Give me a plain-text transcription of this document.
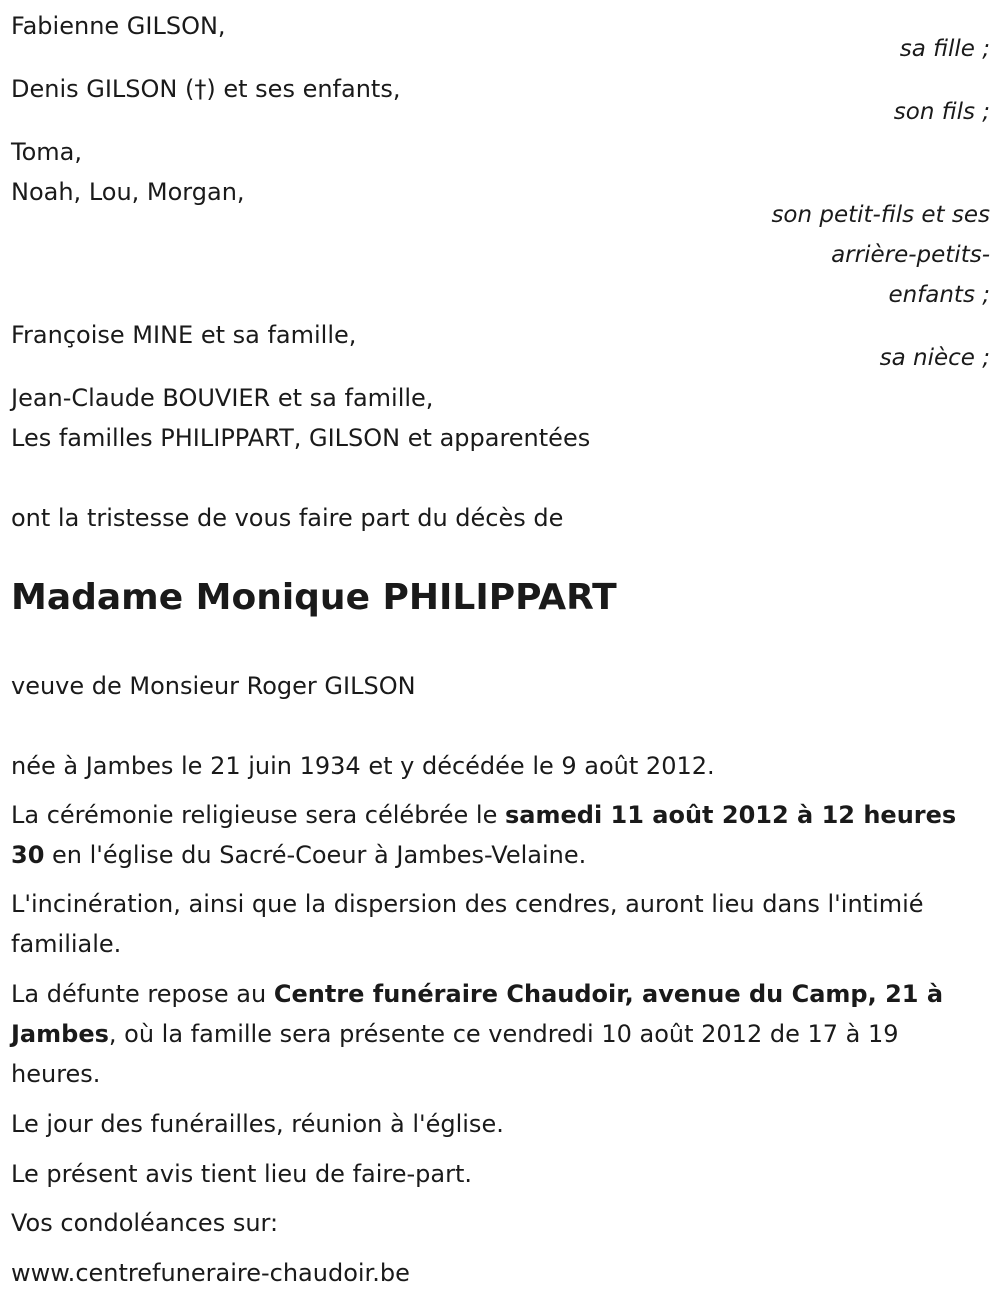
Fabienne GILSON,
sa fille ;
Denis GILSON (†) et ses enfants,
son fils ;
Toma,
Noah, Lou, Morgan,
son petit-fils et ses
arrière-petits-
enfants ;
Françoise MINE et sa famille,
sa nièce ;
Jean-Claude BOUVIER et sa famille,
Les familles PHILIPPART, GILSON et apparentées
ont la tristesse de vous faire part du décès de
Madame Monique PHILIPPART
veuve de Monsieur Roger GILSON
née à Jambes le 21 juin 1934 et y décédée le 9 août 2012.
La cérémonie religieuse sera célébrée le samedi 11 août 2012 à 12 heures 30 en l'église du Sacré-Coeur à Jambes-Velaine.
L'incinération, ainsi que la dispersion des cendres, auront lieu dans l'intimié familiale.
La défunte repose au Centre funéraire Chaudoir, avenue du Camp, 21 à Jambes, où la famille sera présente ce vendredi 10 août 2012 de 17 à 19 heures.
Le jour des funérailles, réunion à l'église.
Le présent avis tient lieu de faire-part.
Vos condoléances sur:
www.centrefuneraire-chaudoir.be
